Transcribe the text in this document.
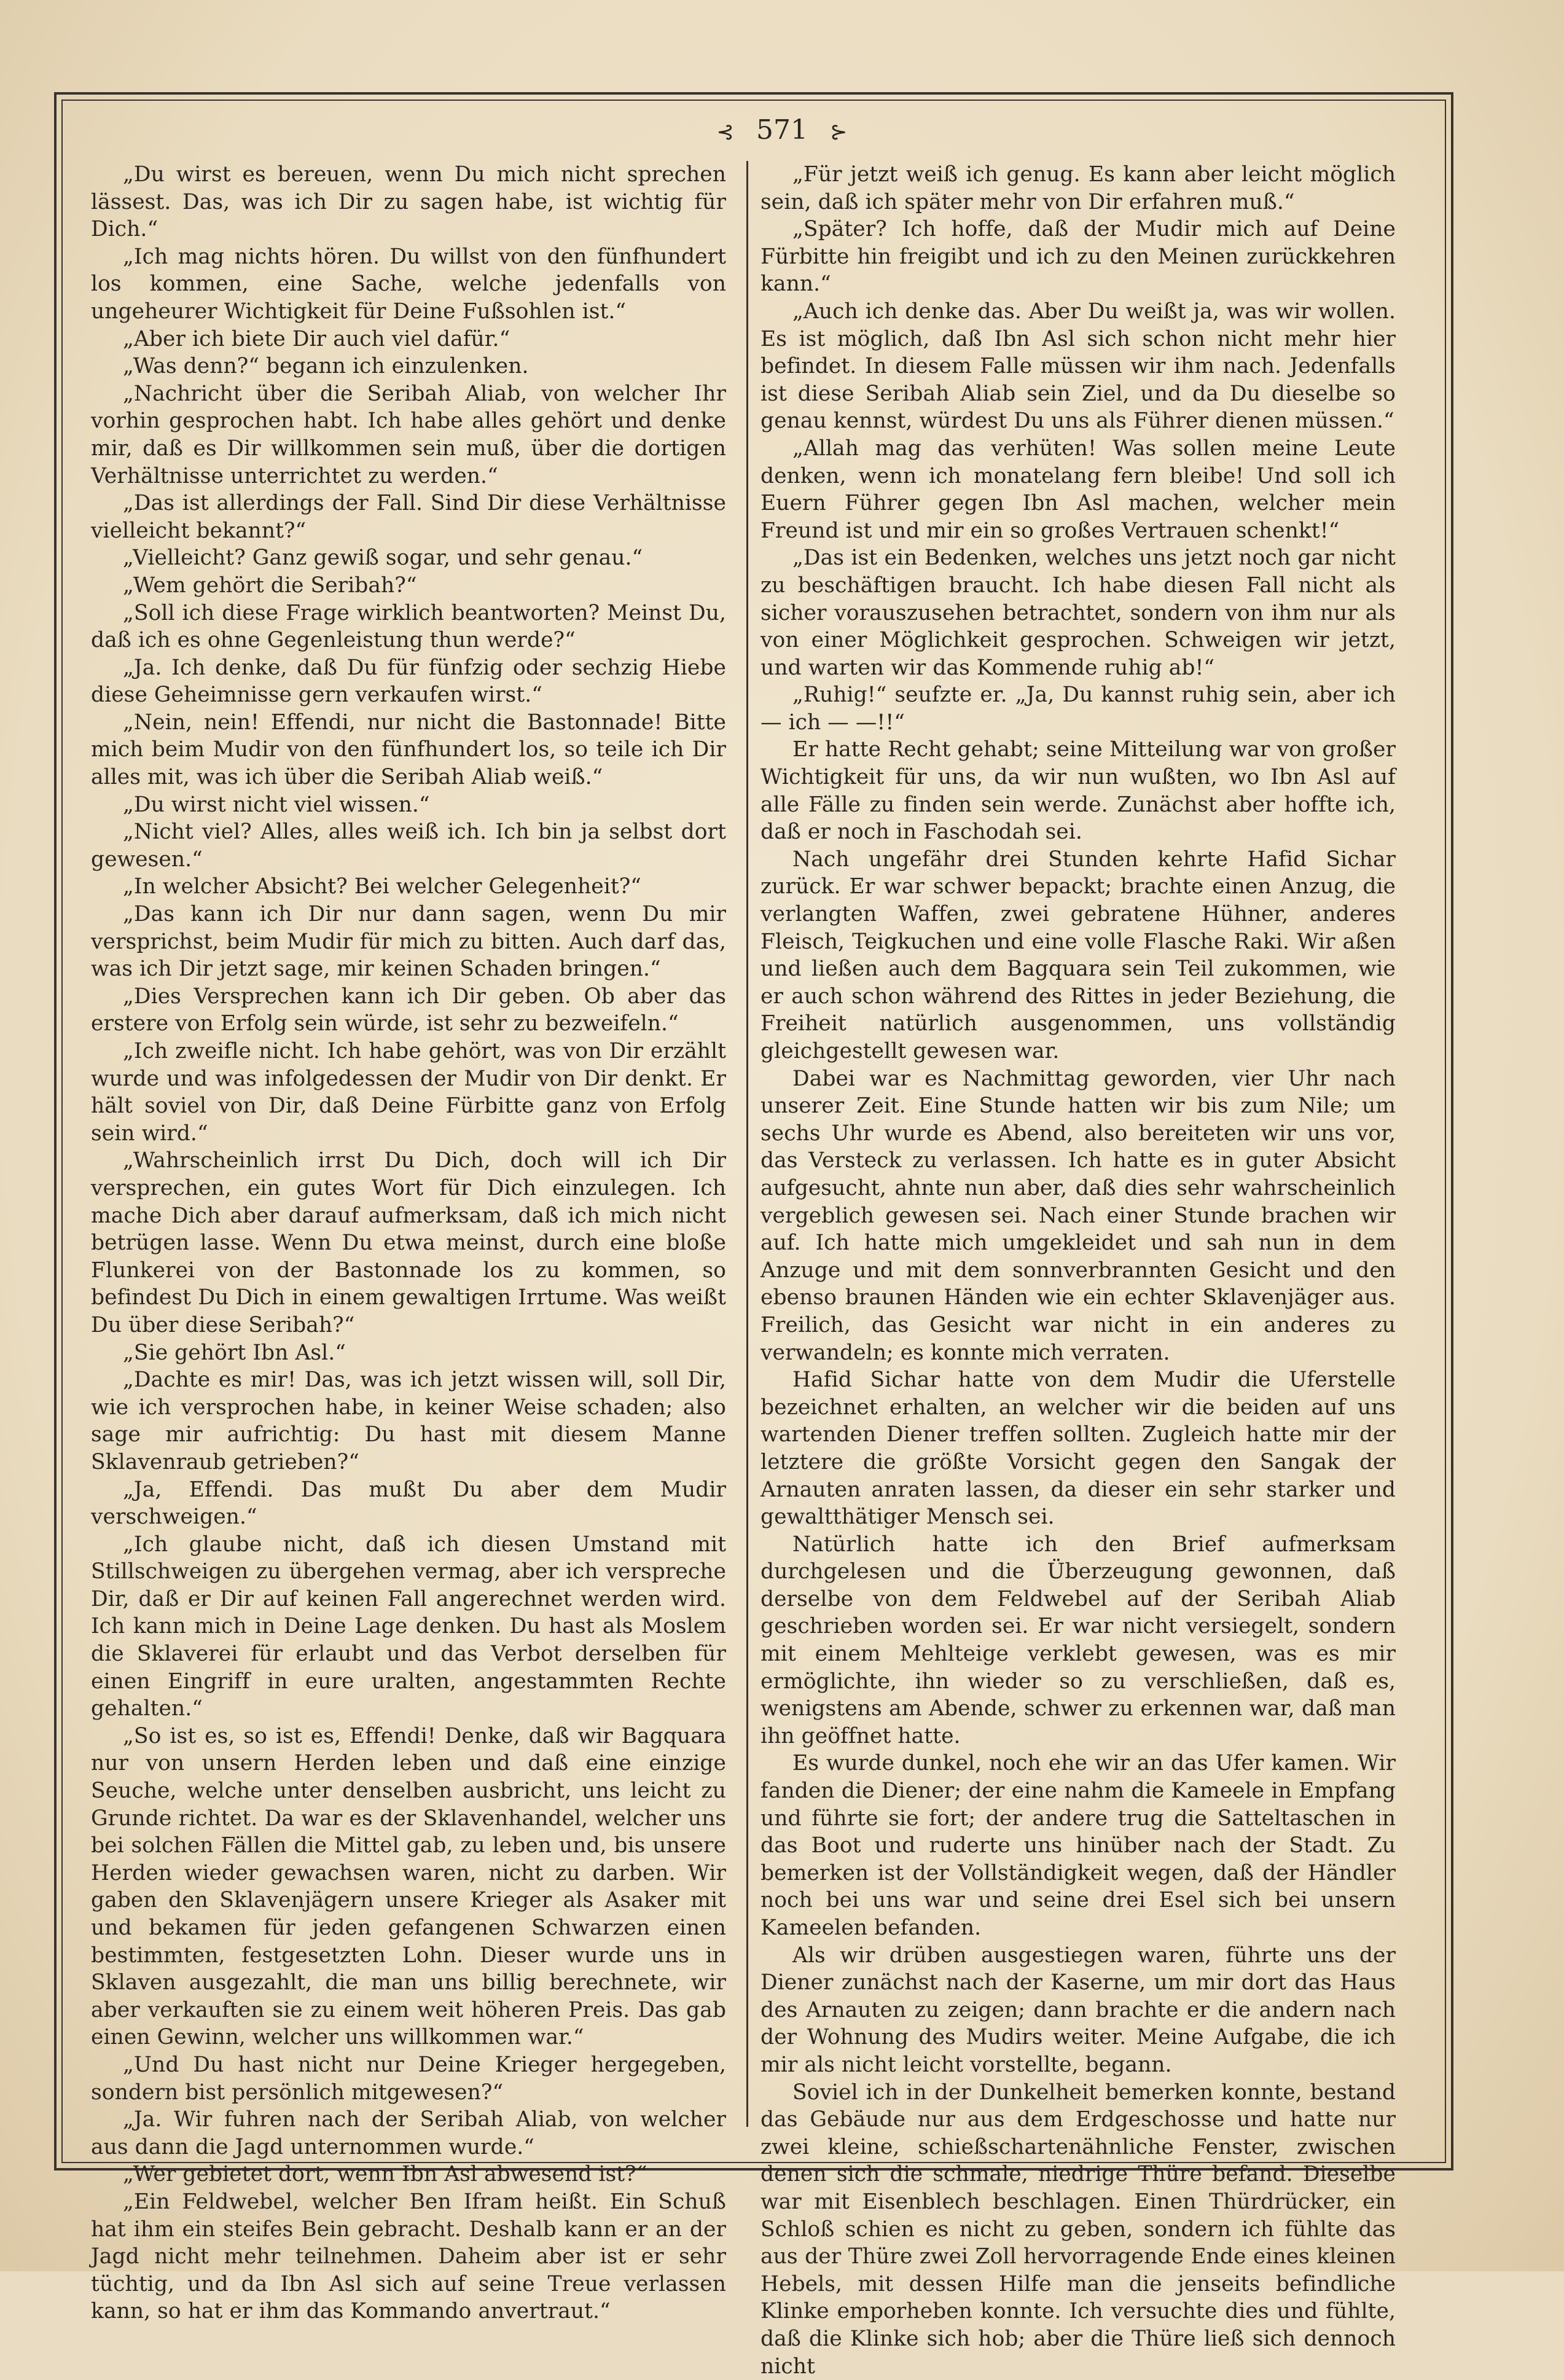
⊰ 571 ⊱

„Du wirst es bereuen, wenn Du mich nicht sprechen lässest. Das, was ich Dir zu sagen habe, ist wichtig für Dich.“

„Ich mag nichts hören. Du willst von den fünfhundert los kommen, eine Sache, welche jedenfalls von ungeheurer Wichtigkeit für Deine Fußsohlen ist.“

„Aber ich biete Dir auch viel dafür.“

„Was denn?“ begann ich einzulenken.

„Nachricht über die Seribah Aliab, von welcher Ihr vorhin gesprochen habt. Ich habe alles gehört und denke mir, daß es Dir willkommen sein muß, über die dortigen Verhältnisse unterrichtet zu werden.“

„Das ist allerdings der Fall. Sind Dir diese Verhältnisse vielleicht bekannt?“

„Vielleicht? Ganz gewiß sogar, und sehr genau.“

„Wem gehört die Seribah?“

„Soll ich diese Frage wirklich beantworten? Meinst Du, daß ich es ohne Gegenleistung thun werde?“

„Ja. Ich denke, daß Du für fünfzig oder sechzig Hiebe diese Geheimnisse gern verkaufen wirst.“

„Nein, nein! Effendi, nur nicht die Bastonnade! Bitte mich beim Mudir von den fünfhundert los, so teile ich Dir alles mit, was ich über die Seribah Aliab weiß.“

„Du wirst nicht viel wissen.“

„Nicht viel? Alles, alles weiß ich. Ich bin ja selbst dort gewesen.“

„In welcher Absicht? Bei welcher Gelegenheit?“

„Das kann ich Dir nur dann sagen, wenn Du mir versprichst, beim Mudir für mich zu bitten. Auch darf das, was ich Dir jetzt sage, mir keinen Schaden bringen.“

„Dies Versprechen kann ich Dir geben. Ob aber das erstere von Erfolg sein würde, ist sehr zu bezweifeln.“

„Ich zweifle nicht. Ich habe gehört, was von Dir erzählt wurde und was infolgedessen der Mudir von Dir denkt. Er hält soviel von Dir, daß Deine Fürbitte ganz von Erfolg sein wird.“

„Wahrscheinlich irrst Du Dich, doch will ich Dir versprechen, ein gutes Wort für Dich einzulegen. Ich mache Dich aber darauf aufmerksam, daß ich mich nicht betrügen lasse. Wenn Du etwa meinst, durch eine bloße Flunkerei von der Bastonnade los zu kommen, so befindest Du Dich in einem gewaltigen Irrtume. Was weißt Du über diese Seribah?“

„Sie gehört Ibn Asl.“

„Dachte es mir! Das, was ich jetzt wissen will, soll Dir, wie ich versprochen habe, in keiner Weise schaden; also sage mir aufrichtig: Du hast mit diesem Manne Sklavenraub getrieben?“

„Ja, Effendi. Das mußt Du aber dem Mudir verschweigen.“

„Ich glaube nicht, daß ich diesen Umstand mit Stillschweigen zu übergehen vermag, aber ich verspreche Dir, daß er Dir auf keinen Fall angerechnet werden wird. Ich kann mich in Deine Lage denken. Du hast als Moslem die Sklaverei für erlaubt und das Verbot derselben für einen Eingriff in eure uralten, angestammten Rechte gehalten.“

„So ist es, so ist es, Effendi! Denke, daß wir Bagquara nur von unsern Herden leben und daß eine einzige Seuche, welche unter denselben ausbricht, uns leicht zu Grunde richtet. Da war es der Sklavenhandel, welcher uns bei solchen Fällen die Mittel gab, zu leben und, bis unsere Herden wieder gewachsen waren, nicht zu darben. Wir gaben den Sklavenjägern unsere Krieger als Asaker mit und bekamen für jeden gefangenen Schwarzen einen bestimmten, festgesetzten Lohn. Dieser wurde uns in Sklaven ausgezahlt, die man uns billig berechnete, wir aber verkauften sie zu einem weit höheren Preis. Das gab einen Gewinn, welcher uns willkommen war.“

„Und Du hast nicht nur Deine Krieger hergegeben, sondern bist persönlich mitgewesen?“

„Ja. Wir fuhren nach der Seribah Aliab, von welcher aus dann die Jagd unternommen wurde.“

„Wer gebietet dort, wenn Ibn Asl abwesend ist?“

„Ein Feldwebel, welcher Ben Ifram heißt. Ein Schuß hat ihm ein steifes Bein gebracht. Deshalb kann er an der Jagd nicht mehr teilnehmen. Daheim aber ist er sehr tüchtig, und da Ibn Asl sich auf seine Treue verlassen kann, so hat er ihm das Kommando anvertraut.“

„Für jetzt weiß ich genug. Es kann aber leicht möglich sein, daß ich später mehr von Dir erfahren muß.“

„Später? Ich hoffe, daß der Mudir mich auf Deine Fürbitte hin freigibt und ich zu den Meinen zurückkehren kann.“

„Auch ich denke das. Aber Du weißt ja, was wir wollen. Es ist möglich, daß Ibn Asl sich schon nicht mehr hier befindet. In diesem Falle müssen wir ihm nach. Jedenfalls ist diese Seribah Aliab sein Ziel, und da Du dieselbe so genau kennst, würdest Du uns als Führer dienen müssen.“

„Allah mag das verhüten! Was sollen meine Leute denken, wenn ich monatelang fern bleibe! Und soll ich Euern Führer gegen Ibn Asl machen, welcher mein Freund ist und mir ein so großes Vertrauen schenkt!“

„Das ist ein Bedenken, welches uns jetzt noch gar nicht zu beschäftigen braucht. Ich habe diesen Fall nicht als sicher vorauszusehen betrachtet, sondern von ihm nur als von einer Möglichkeit gesprochen. Schweigen wir jetzt, und warten wir das Kommende ruhig ab!“

„Ruhig!“ seufzte er. „Ja, Du kannst ruhig sein, aber ich — ich — —!!“

Er hatte Recht gehabt; seine Mitteilung war von großer Wichtigkeit für uns, da wir nun wußten, wo Ibn Asl auf alle Fälle zu finden sein werde. Zunächst aber hoffte ich, daß er noch in Faschodah sei.

Nach ungefähr drei Stunden kehrte Hafid Sichar zurück. Er war schwer bepackt; brachte einen Anzug, die verlangten Waffen, zwei gebratene Hühner, anderes Fleisch, Teigkuchen und eine volle Flasche Raki. Wir aßen und ließen auch dem Bagquara sein Teil zukommen, wie er auch schon während des Rittes in jeder Beziehung, die Freiheit natürlich ausgenommen, uns vollständig gleichgestellt gewesen war.

Dabei war es Nachmittag geworden, vier Uhr nach unserer Zeit. Eine Stunde hatten wir bis zum Nile; um sechs Uhr wurde es Abend, also bereiteten wir uns vor, das Versteck zu verlassen. Ich hatte es in guter Absicht aufgesucht, ahnte nun aber, daß dies sehr wahrscheinlich vergeblich gewesen sei. Nach einer Stunde brachen wir auf. Ich hatte mich umgekleidet und sah nun in dem Anzuge und mit dem sonnverbrannten Gesicht und den ebenso braunen Händen wie ein echter Sklavenjäger aus. Freilich, das Gesicht war nicht in ein anderes zu verwandeln; es konnte mich verraten.

Hafid Sichar hatte von dem Mudir die Uferstelle bezeichnet erhalten, an welcher wir die beiden auf uns wartenden Diener treffen sollten. Zugleich hatte mir der letztere die größte Vorsicht gegen den Sangak der Arnauten anraten lassen, da dieser ein sehr starker und gewaltthätiger Mensch sei.

Natürlich hatte ich den Brief aufmerksam durchgelesen und die Überzeugung gewonnen, daß derselbe von dem Feldwebel auf der Seribah Aliab geschrieben worden sei. Er war nicht versiegelt, sondern mit einem Mehlteige verklebt gewesen, was es mir ermöglichte, ihn wieder so zu verschließen, daß es, wenigstens am Abende, schwer zu erkennen war, daß man ihn geöffnet hatte.

Es wurde dunkel, noch ehe wir an das Ufer kamen. Wir fanden die Diener; der eine nahm die Kameele in Empfang und führte sie fort; der andere trug die Satteltaschen in das Boot und ruderte uns hinüber nach der Stadt. Zu bemerken ist der Vollständigkeit wegen, daß der Händler noch bei uns war und seine drei Esel sich bei unsern Kameelen befanden.

Als wir drüben ausgestiegen waren, führte uns der Diener zunächst nach der Kaserne, um mir dort das Haus des Arnauten zu zeigen; dann brachte er die andern nach der Wohnung des Mudirs weiter. Meine Aufgabe, die ich mir als nicht leicht vorstellte, begann.

Soviel ich in der Dunkelheit bemerken konnte, bestand das Gebäude nur aus dem Erdgeschosse und hatte nur zwei kleine, schießschartenähnliche Fenster, zwischen denen sich die schmale, niedrige Thüre befand. Dieselbe war mit Eisenblech beschlagen. Einen Thürdrücker, ein Schloß schien es nicht zu geben, sondern ich fühlte das aus der Thüre zwei Zoll hervorragende Ende eines kleinen Hebels, mit dessen Hilfe man die jenseits befindliche Klinke emporheben konnte. Ich versuchte dies und fühlte, daß die Klinke sich hob; aber die Thüre ließ sich dennoch nicht
